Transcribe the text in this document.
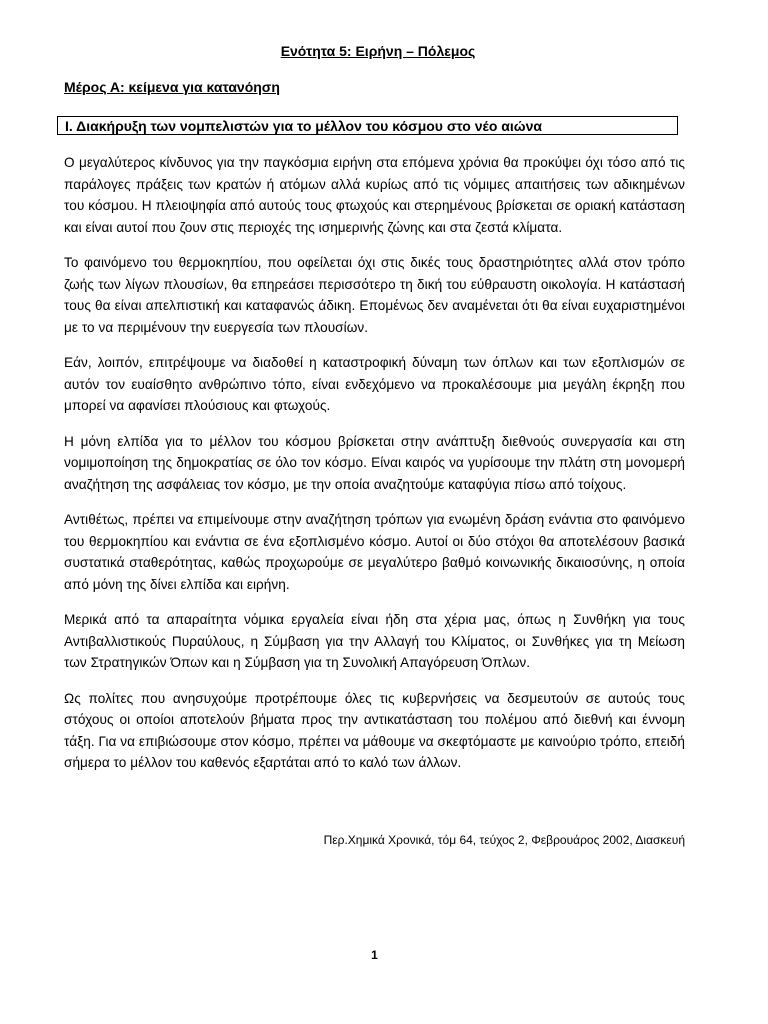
Ενότητα 5: Ειρήνη – Πόλεμος
Μέρος Α: κείμενα για κατανόηση
Ι. Διακήρυξη των νομπελιστών για το μέλλον του κόσμου στο νέο αιώνα

Ο μεγαλύτερος κίνδυνος για την παγκόσμια ειρήνη στα επόμενα χρόνια θα προκύψει όχι τόσο από τις παράλογες πράξεις των κρατών ή ατόμων αλλά κυρίως από τις νόμιμες απαιτήσεις των αδικημένων του κόσμου. Η πλειοψηφία από αυτούς τους φτωχούς και στερημένους βρίσκεται σε οριακή κατάσταση και είναι αυτοί που ζουν στις περιοχές της ισημερινής ζώνης και στα ζεστά κλίματα.

Το φαινόμενο του θερμοκηπίου, που οφείλεται όχι στις δικές τους δραστηριότητες αλλά στον τρόπο ζωής των λίγων πλουσίων, θα επηρεάσει περισσότερο τη δική του εύθραυστη οικολογία. Η κατάστασή τους θα είναι απελπιστική και καταφανώς άδικη. Επομένως δεν αναμένεται ότι θα είναι ευχαριστημένοι με το να περιμένουν την ευεργεσία των πλουσίων.

Εάν, λοιπόν, επιτρέψουμε να διαδοθεί η καταστροφική δύναμη των όπλων και των εξοπλισμών σε αυτόν τον ευαίσθητο ανθρώπινο τόπο, είναι ενδεχόμενο να προκαλέσουμε μια μεγάλη έκρηξη που μπορεί να αφανίσει πλούσιους και φτωχούς.

Η μόνη ελπίδα για το μέλλον του κόσμου βρίσκεται στην ανάπτυξη διεθνούς συνεργασία και στη νομιμοποίηση της δημοκρατίας σε όλο τον κόσμο. Είναι καιρός να γυρίσουμε την πλάτη στη μονομερή αναζήτηση της ασφάλειας τον κόσμο, με την οποία αναζητούμε καταφύγια πίσω από τοίχους.

Αντιθέτως, πρέπει να επιμείνουμε στην αναζήτηση τρόπων για ενωμένη δράση ενάντια στο φαινόμενο του θερμοκηπίου και ενάντια σε ένα εξοπλισμένο κόσμο. Αυτοί οι δύο στόχοι θα αποτελέσουν βασικά συστατικά σταθερότητας, καθώς προχωρούμε σε μεγαλύτερο βαθμό κοινωνικής δικαιοσύνης, η οποία από μόνη της δίνει ελπίδα και ειρήνη.

Μερικά από τα απαραίτητα νόμικα εργαλεία είναι ήδη στα χέρια μας, όπως η Συνθήκη για τους Αντιβαλλιστικούς Πυραύλους, η Σύμβαση για την Αλλαγή του Κλίματος, οι Συνθήκες για τη Μείωση των Στρατηγικών Όπων και η Σύμβαση για τη Συνολική Απαγόρευση Όπλων.

Ως πολίτες που ανησυχούμε προτρέπουμε όλες τις κυβερνήσεις να δεσμευτούν σε αυτούς τους στόχους οι οποίοι αποτελούν βήματα προς την αντικατάσταση του πολέμου από διεθνή και έννομη τάξη. Για να επιβιώσουμε στον κόσμο, πρέπει να μάθουμε να σκεφτόμαστε με καινούριο τρόπο, επειδή σήμερα το μέλλον του καθενός εξαρτάται από το καλό των άλλων.

Περ.Χημικά Χρονικά, τόμ 64, τεύχος 2, Φεβρουάρος 2002, Διασκευή

1
